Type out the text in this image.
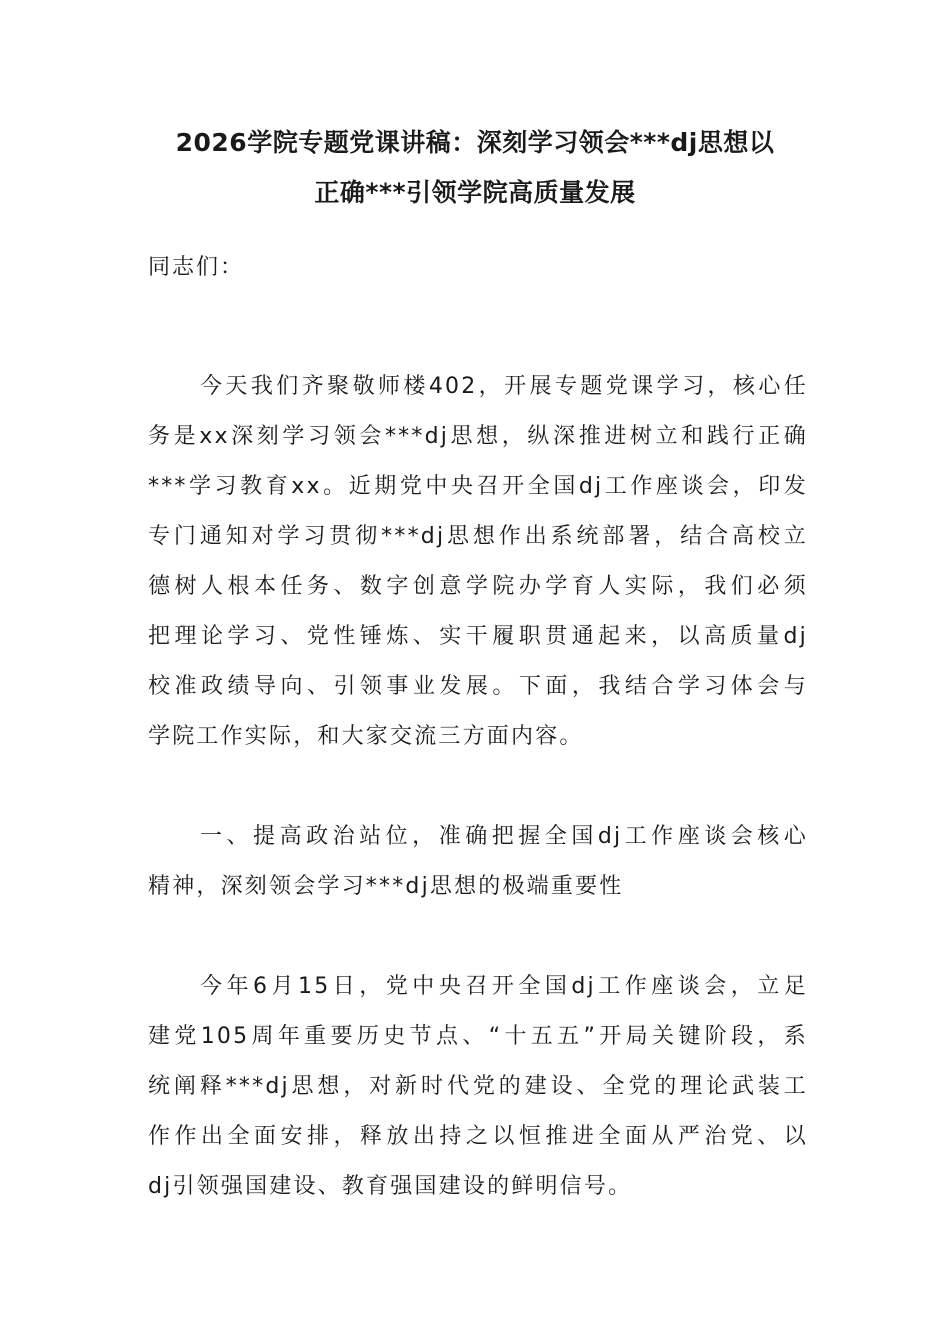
2026学院专题党课讲稿：深刻学习领会***dj思想以
正确***引领学院高质量发展
同志们：
今天我们齐聚敬师楼402，开展专题党课学习，核心任
务是xx深刻学习领会***dj思想，纵深推进树立和践行正确
***学习教育xx。近期党中央召开全国dj工作座谈会，印发
专门通知对学习贯彻***dj思想作出系统部署，结合高校立
德树人根本任务、数字创意学院办学育人实际，我们必须
把理论学习、党性锤炼、实干履职贯通起来，以高质量dj
校准政绩导向、引领事业发展。下面，我结合学习体会与
学院工作实际，和大家交流三方面内容。
一、提高政治站位，准确把握全国dj工作座谈会核心
精神，深刻领会学习***dj思想的极端重要性
今年6月15日，党中央召开全国dj工作座谈会，立足
建党105周年重要历史节点、“十五五”开局关键阶段，系
统阐释***dj思想，对新时代党的建设、全党的理论武装工
作作出全面安排，释放出持之以恒推进全面从严治党、以
dj引领强国建设、教育强国建设的鲜明信号。
